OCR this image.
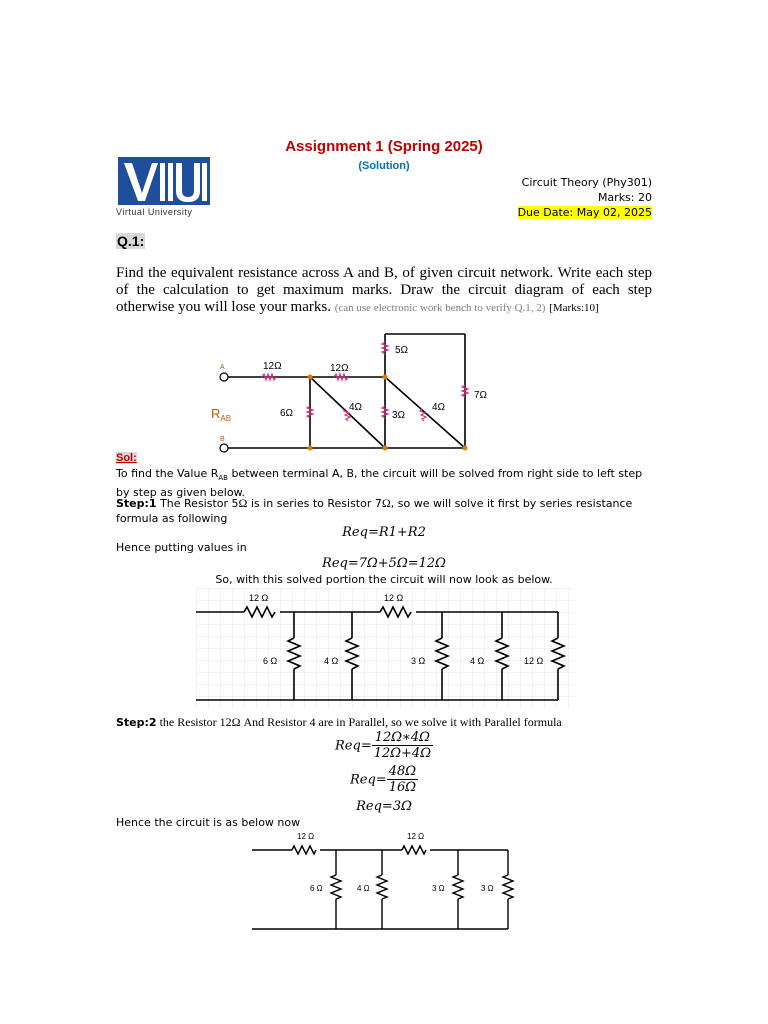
Assignment 1 (Spring 2025)
(Solution)
Virtual University
Circuit Theory (Phy301)
Marks: 20
Due Date: May 02, 2025
Q.1:
Find the equivalent resistance across A and B, of given circuit network. Write each step of the calculation to get maximum marks. Draw the circuit diagram of each step otherwise you will lose your marks. (can use electronic work bench to verify Q.1, 2) [Marks:10]
A
B
$R_{AB}$
12Ω	12Ω
5Ω
7Ω
6Ω
4Ω
3Ω
4Ω
Sol:
To find the Value $R_{AB}$ between terminal A, B, the circuit will be solved from right side to left step by step as given below.
Step:1 The Resistor 5Ω is in series to Resistor 7Ω, so we will solve it first by series resistance formula as following
Req=R1+R2
Hence putting values in
Req=7Ω+5Ω=12Ω
So, with this solved portion the circuit will now look as below.
12 Ω	12 Ω
6 Ω	4 Ω	3 Ω	4 Ω	12 Ω
Step:2 the Resistor 12Ω And Resistor 4 are in Parallel, so we solve it with Parallel formula
$Req= \frac{12\Omega∗4\Omega}{12\Omega+4\Omega}$
$Req= \frac{48\Omega}{16\Omega}$
Req=3Ω
Hence the circuit is as below now
12 Ω	12 Ω
6 Ω	4 Ω	3 Ω	3 Ω
